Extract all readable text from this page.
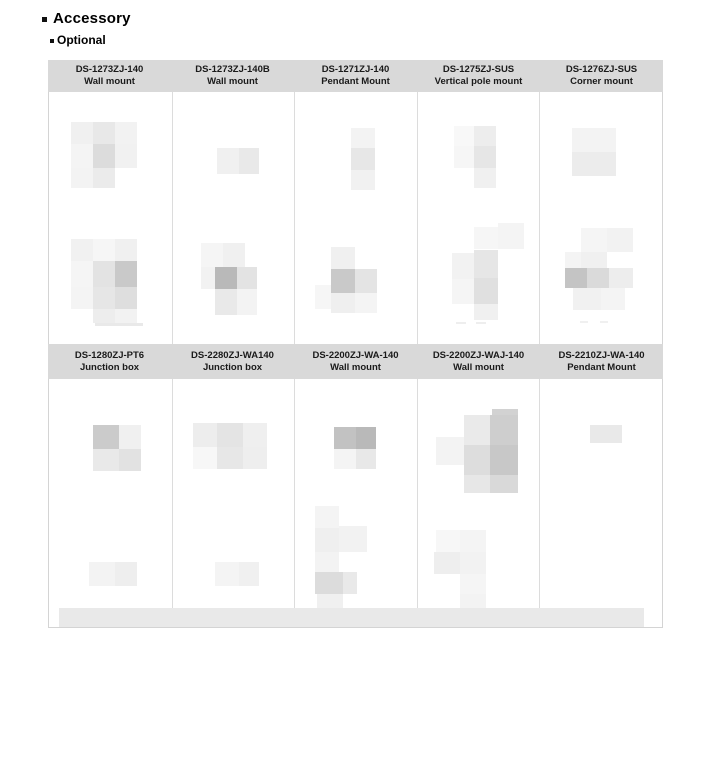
Accessory
Optional
DS-1273ZJ-140
Wall mount
DS-1273ZJ-140B
Wall mount
DS-1271ZJ-140
Pendant Mount
DS-1275ZJ-SUS
Vertical pole mount
DS-1276ZJ-SUS
Corner mount
DS-1280ZJ-PT6
Junction box
DS-2280ZJ-WA140
Junction box
DS-2200ZJ-WA-140
Wall mount
DS-2200ZJ-WAJ-140
Wall mount
DS-2210ZJ-WA-140
Pendant Mount
